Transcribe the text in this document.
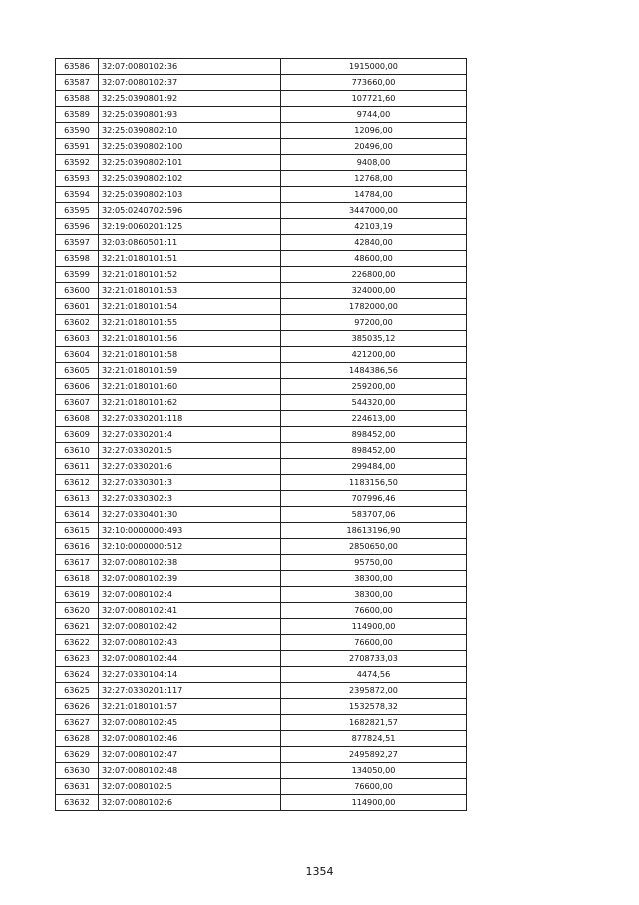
63586	32:07:0080102:36	1915000,00
63587	32:07:0080102:37	773660,00
63588	32:25:0390801:92	107721,60
63589	32:25:0390801:93	9744,00
63590	32:25:0390802:10	12096,00
63591	32:25:0390802:100	20496,00
63592	32:25:0390802:101	9408,00
63593	32:25:0390802:102	12768,00
63594	32:25:0390802:103	14784,00
63595	32:05:0240702:596	3447000,00
63596	32:19:0060201:125	42103,19
63597	32:03:0860501:11	42840,00
63598	32:21:0180101:51	48600,00
63599	32:21:0180101:52	226800,00
63600	32:21:0180101:53	324000,00
63601	32:21:0180101:54	1782000,00
63602	32:21:0180101:55	97200,00
63603	32:21:0180101:56	385035,12
63604	32:21:0180101:58	421200,00
63605	32:21:0180101:59	1484386,56
63606	32:21:0180101:60	259200,00
63607	32:21:0180101:62	544320,00
63608	32:27:0330201:118	224613,00
63609	32:27:0330201:4	898452,00
63610	32:27:0330201:5	898452,00
63611	32:27:0330201:6	299484,00
63612	32:27:0330301:3	1183156,50
63613	32:27:0330302:3	707996,46
63614	32:27:0330401:30	583707,06
63615	32:10:0000000:493	18613196,90
63616	32:10:0000000:512	2850650,00
63617	32:07:0080102:38	95750,00
63618	32:07:0080102:39	38300,00
63619	32:07:0080102:4	38300,00
63620	32:07:0080102:41	76600,00
63621	32:07:0080102:42	114900,00
63622	32:07:0080102:43	76600,00
63623	32:07:0080102:44	2708733,03
63624	32:27:0330104:14	4474,56
63625	32:27:0330201:117	2395872,00
63626	32:21:0180101:57	1532578,32
63627	32:07:0080102:45	1682821,57
63628	32:07:0080102:46	877824,51
63629	32:07:0080102:47	2495892,27
63630	32:07:0080102:48	134050,00
63631	32:07:0080102:5	76600,00
63632	32:07:0080102:6	114900,00
1354
